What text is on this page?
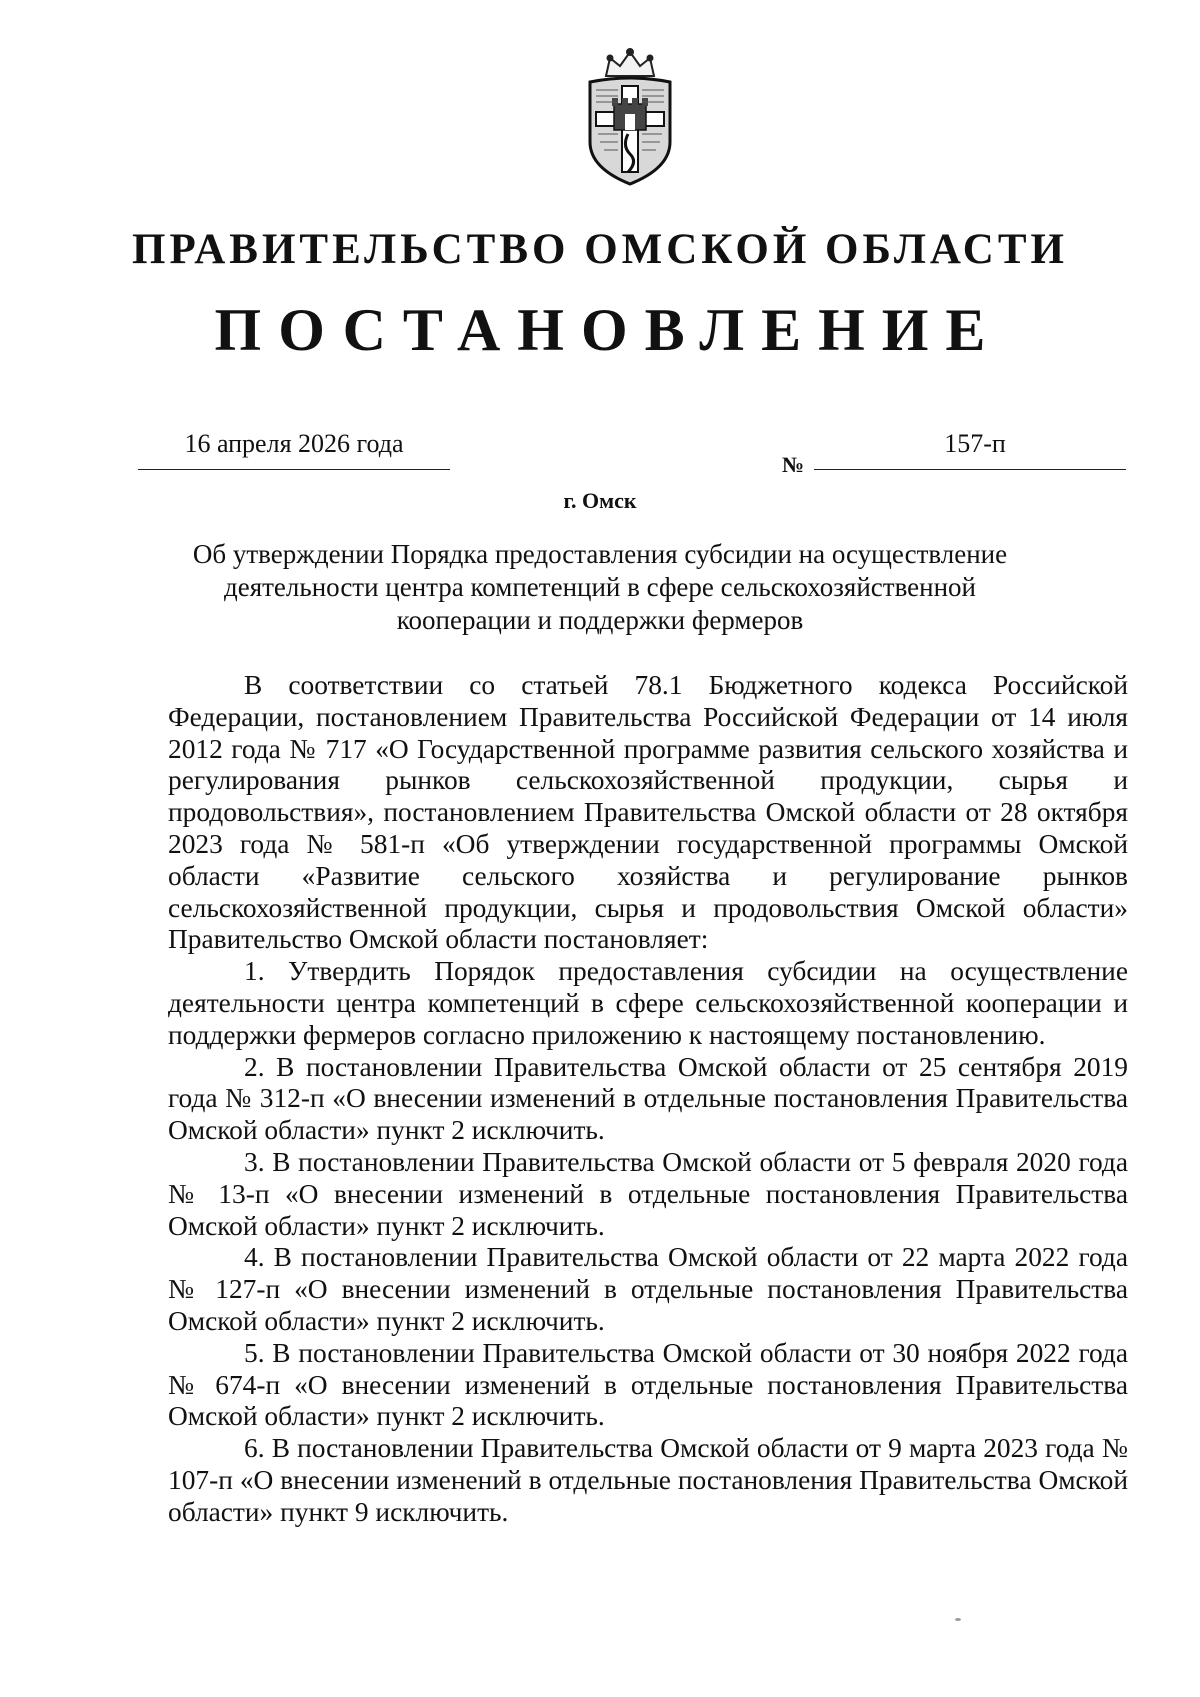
ПРАВИТЕЛЬСТВО ОМСКОЙ ОБЛАСТИ
ПОСТАНОВЛЕНИЕ
16 апреля 2026 года
№
157-п
г. Омск
Об утверждении Порядка предоставления субсидии на осуществление деятельности центра компетенций в сфере сельскохозяйственной кооперации и поддержки фермеров

В соответствии со статьей 78.1 Бюджетного кодекса Российской Федерации, постановлением Правительства Российской Федерации от 14 июля 2012 года № 717 «О Государственной программе развития сельского хозяйства и регулирования рынков сельскохозяйственной продукции, сырья и продовольствия», постановлением Правительства Омской области от 28 октября 2023 года № 581-п «Об утверждении государственной программы Омской области «Развитие сельского хозяйства и регулирование рынков сельскохозяйственной продукции, сырья и продовольствия Омской области» Правительство Омской области постановляет:

1. Утвердить Порядок предоставления субсидии на осуществление деятельности центра компетенций в сфере сельскохозяйственной кооперации и поддержки фермеров согласно приложению к настоящему постановлению.

2. В постановлении Правительства Омской области от 25 сентября 2019 года № 312-п «О внесении изменений в отдельные постановления Правительства Омской области» пункт 2 исключить.

3. В постановлении Правительства Омской области от 5 февраля 2020 года № 13-п «О внесении изменений в отдельные постановления Правительства Омской области» пункт 2 исключить.

4. В постановлении Правительства Омской области от 22 марта 2022 года № 127-п «О внесении изменений в отдельные постановления Правительства Омской области» пункт 2 исключить.

5. В постановлении Правительства Омской области от 30 ноября 2022 года № 674-п «О внесении изменений в отдельные постановления Правительства Омской области» пункт 2 исключить.

6. В постановлении Правительства Омской области от 9 марта 2023 года № 107-п «О внесении изменений в отдельные постановления Правительства Омской области» пункт 9 исключить.
